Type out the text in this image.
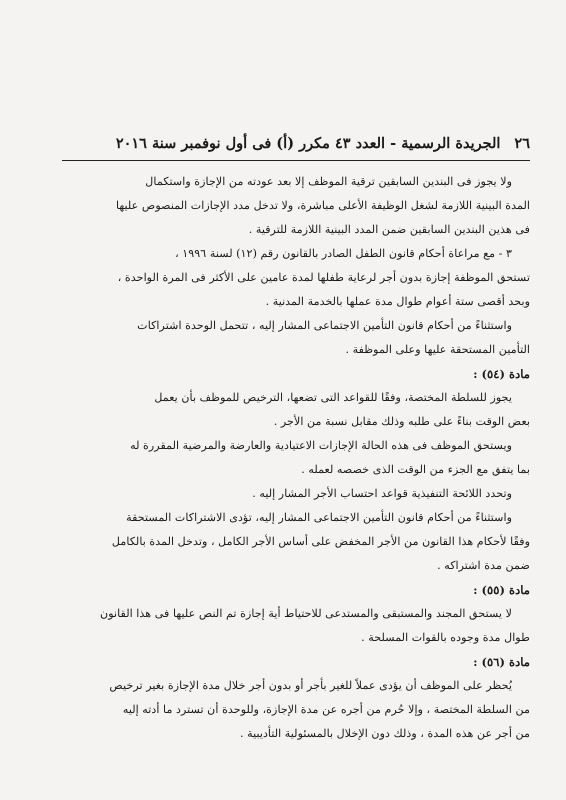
٢٦
الجريدة الرسمية - العدد ٤٣ مكرر (أ) فى أول نوفمبر سنة ٢٠١٦
ولا يجوز فى البندين السابقين ترقية الموظف إلا بعد عودته من الإجازة واستكمال
المدة البينية اللازمة لشغل الوظيفة الأعلى مباشرة، ولا تدخل مدد الإجازات المنصوص عليها
فى هذين البندين السابقين ضمن المدد البينية اللازمة للترقية .
٣ - مع مراعاة أحكام قانون الطفل الصادر بالقانون رقم (١٢) لسنة ١٩٩٦ ،
تستحق الموظفة إجازة بدون أجر لرعاية طفلها لمدة عامين على الأكثر فى المرة الواحدة ،
وبحد أقصى ستة أعوام طوال مدة عملها بالخدمة المدنية .
واستثناءً من أحكام قانون التأمين الاجتماعى المشار إليه ، تتحمل الوحدة اشتراكات
التأمين المستحقة عليها وعلى الموظفة .
مادة (٥٤) :
يجوز للسلطة المختصة، وفقًا للقواعد التى تضعها، الترخيص للموظف بأن يعمل
بعض الوقت بناءً على طلبه وذلك مقابل نسبة من الأجر .
ويستحق الموظف فى هذه الحالة الإجازات الاعتيادية والعارضة والمرضية المقررة له
بما يتفق مع الجزء من الوقت الذى خصصه لعمله .
وتحدد اللائحة التنفيذية قواعد احتساب الأجر المشار إليه .
واستثناءً من أحكام قانون التأمين الاجتماعى المشار إليه، تؤدى الاشتراكات المستحقة
وفقًا لأحكام هذا القانون من الأجر المخفض على أساس الأجر الكامل ، وتدخل المدة بالكامل
ضمن مدة اشتراكه .
مادة (٥٥) :
لا يستحق المجند والمستبقى والمستدعى للاحتياط أية إجازة تم النص عليها فى هذا القانون
طوال مدة وجوده بالقوات المسلحة .
مادة (٥٦) :
يُحظر على الموظف أن يؤدى عملاً للغير بأجر أو بدون أجر خلال مدة الإجازة بغير ترخيص
من السلطة المختصة ، وإلا حُرم من أجره عن مدة الإجازة، وللوحدة أن تسترد ما أدته إليه
من أجر عن هذه المدة ، وذلك دون الإخلال بالمسئولية التأديبية .
